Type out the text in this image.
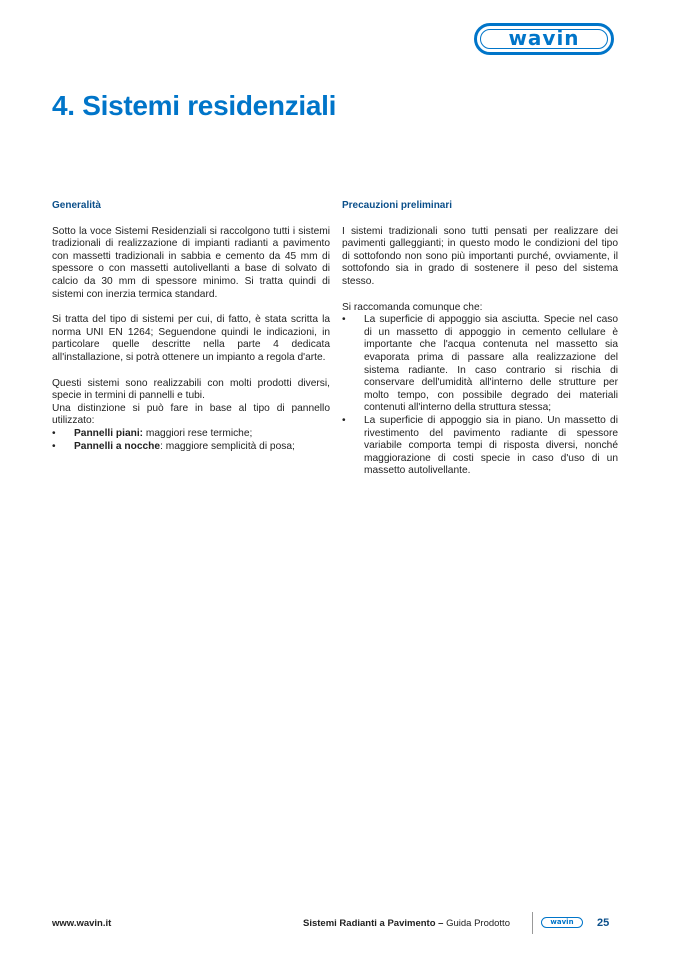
wavin
4. Sistemi residenziali
Generalità

Sotto la voce Sistemi Residenziali si raccolgono tutti i sistemi tradizionali di realizzazione di impianti radianti a pavimento con massetti tradizionali in sabbia e cemento da 45 mm di spessore o con massetti autolivellanti a base di solvato di calcio da 30 mm di spessore minimo. Si tratta quindi di sistemi con inerzia termica standard.

Si tratta del tipo di sistemi per cui, di fatto, è stata scritta la norma UNI EN 1264; Seguendone quindi le indicazioni, in particolare quelle descritte nella parte 4 dedicata all'installazione, si potrà ottenere un impianto a regola d'arte.

Questi sistemi sono realizzabili con molti prodotti diversi, specie in termini di pannelli e tubi.

Una distinzione si può fare in base al tipo di pannello utilizzato:

• Pannelli piani: maggiori rese termiche;
• Pannelli a nocche: maggiore semplicità di posa;
Precauzioni preliminari

I sistemi tradizionali sono tutti pensati per realizzare dei pavimenti galleggianti; in questo modo le condizioni del tipo di sottofondo non sono più importanti purché, ovviamente, il sottofondo sia in grado di sostenere il peso del sistema stesso.

Si raccomanda comunque che:

• La superficie di appoggio sia asciutta. Specie nel caso di un massetto di appoggio in cemento cellulare è importante che l'acqua contenuta nel massetto sia evaporata prima di passare alla realizzazione del sistema radiante. In caso contrario si rischia di conservare dell'umidità all'interno delle strutture per molto tempo, con possibile degrado dei materiali contenuti all'interno della struttura stessa;
• La superficie di appoggio sia in piano. Un massetto di rivestimento del pavimento radiante di spessore variabile comporta tempi di risposta diversi, nonché maggiorazione di costi specie in caso d'uso di un massetto autolivellante.
www.wavin.it	Sistemi Radianti a Pavimento – Guida Prodotto	wavin 25
